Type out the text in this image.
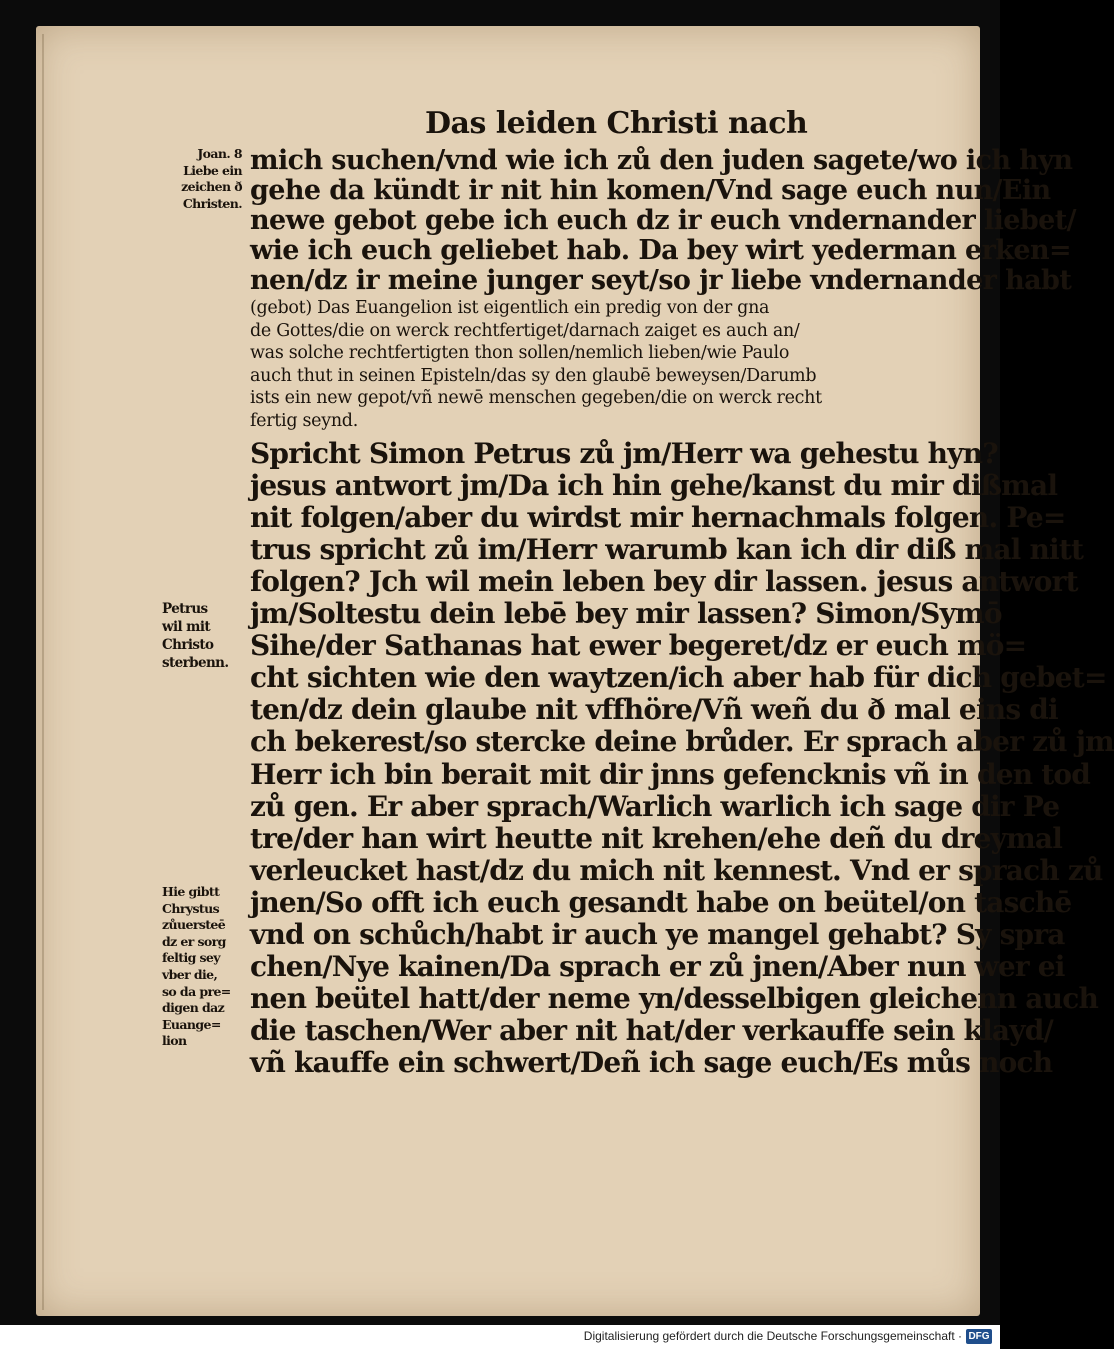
Das leiden Christi nach
Joan. 8
Liebe ein
zeichen ð
Christen.
Petrus
wil mit
Christo
sterbenn.
Hie gibtt
Chrystus
zůuersteē
dz er sorg
feltig sey
vber die,
so da pre=
digen daz
Euange=
lion
mich suchen/vnd wie ich zů den juden sagete/wo ich hyn
gehe da kündt ir nit hin komen/Vnd sage euch nun/Ein
newe gebot gebe ich euch dz ir euch vndernander liebet/
wie ich euch geliebet hab. Da bey wirt yederman erken=
nen/dz ir meine junger seyt/so jr liebe vndernander habt
(gebot) Das Euangelion ist eigentlich ein predig von der gna
de Gottes/die on werck rechtfertiget/darnach zaiget es auch an/
was solche rechtfertigten thon sollen/nemlich lieben/wie Paulo
auch thut in seinen Episteln/das sy den glaubē beweysen/Darumb
ists ein new gepot/vñ newē menschen gegeben/die on werck recht
fertig seynd.
Spricht Simon Petrus zů jm/Herr wa gehestu hyn?
jesus antwort jm/Da ich hin gehe/kanst du mir dißmal
nit folgen/aber du wirdst mir hernachmals folgen. Pe=
trus spricht zů im/Herr warumb kan ich dir diß mal nitt
folgen? Jch wil mein leben bey dir lassen. jesus antwort
jm/Soltestu dein lebē bey mir lassen? Simon/Symō
Sihe/der Sathanas hat ewer begeret/dz er euch mö=
cht sichten wie den waytzen/ich aber hab für dich gebet=
ten/dz dein glaube nit vffhöre/Vñ weñ du ð mal eins di
ch bekerest/so stercke deine brůder. Er sprach aber zů jm
Herr ich bin berait mit dir jnns gefencknis vñ in den tod
zů gen. Er aber sprach/Warlich warlich ich sage dir Pe
tre/der han wirt heutte nit krehen/ehe deñ du dreymal
verleucket hast/dz du mich nit kennest. Vnd er sprach zů
jnen/So offt ich euch gesandt habe on beütel/on taschē
vnd on schůch/habt ir auch ye mangel gehabt? Sy spra
chen/Nye kainen/Da sprach er zů jnen/Aber nun wer ei
nen beütel hatt/der neme yn/desselbigen gleichenn auch
die taschen/Wer aber nit hat/der verkauffe sein klayd/
vñ kauffe ein schwert/Deñ ich sage euch/Es můs noch
Digitalisierung gefördert durch die Deutsche Forschungsgemeinschaft · DFG
